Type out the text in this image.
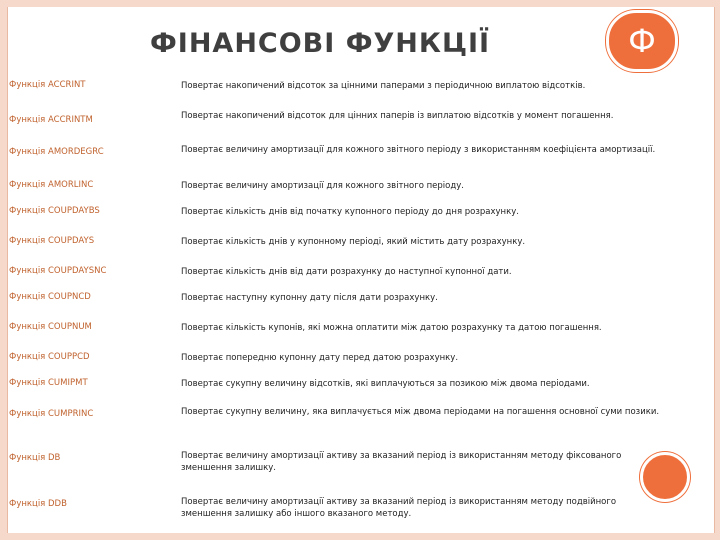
ФІНАНСОВІ ФУНКЦІЇ	Ф
Функція ACCRINT	Повертає накопичений відсоток за цінними паперами з періодичною виплатою відсотків.
Функція ACCRINTM	Повертає накопичений відсоток для цінних паперів із виплатою відсотків у момент погашення.
Функція AMORDEGRC	Повертає величину амортизації для кожного звітного періоду з використанням коефіцієнта амортизації.
Функція AMORLINC	Повертає величину амортизації для кожного звітного періоду.
Функція COUPDAYBS	Повертає кількість днів від початку купонного періоду до дня розрахунку.
Функція COUPDAYS	Повертає кількість днів у купонному періоді, який містить дату розрахунку.
Функція COUPDAYSNC	Повертає кількість днів від дати розрахунку до наступної купонної дати.
Функція COUPNCD	Повертає наступну купонну дату після дати розрахунку.
Функція COUPNUM	Повертає кількість купонів, які можна оплатити між датою розрахунку та датою погашення.
Функція COUPPCD	Повертає попередню купонну дату перед датою розрахунку.
Функція CUMIPMT	Повертає сукупну величину відсотків, які виплачуються за позикою між двома періодами.
Функція CUMPRINC	Повертає сукупну величину, яка виплачується між двома періодами на погашення основної суми позики.
Функція DB	Повертає величину амортизації активу за вказаний період із використанням методу фіксованого зменшення залишку.
Функція DDB	Повертає величину амортизації активу за вказаний період із використанням методу подвійного зменшення залишку або іншого вказаного методу.
